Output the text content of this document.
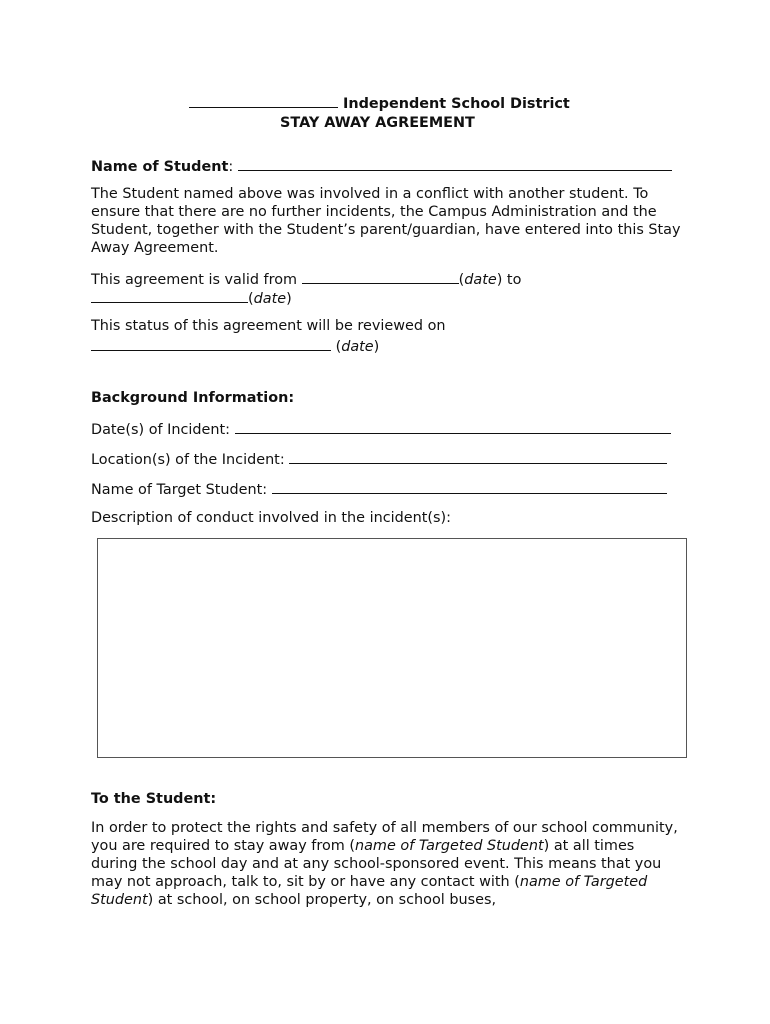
Independent School District
STAY AWAY AGREEMENT
Name of Student:
The Student named above was involved in a conflict with another student. To ensure that there are no further incidents, the Campus Administration and the Student, together with the Student’s parent/guardian, have entered into this Stay Away Agreement.
This agreement is valid from	(date) to
(date)
This status of this agreement will be reviewed on
(date)
Background Information:
Date(s) of Incident:
Location(s) of the Incident:
Name of Target Student:
Description of conduct involved in the incident(s):
To the Student:
In order to protect the rights and safety of all members of our school community, you are required to stay away from (name of Targeted Student) at all times during the school day and at any school-sponsored event. This means that you may not approach, talk to, sit by or have any contact with (name of Targeted Student) at school, on school property, on school buses,
